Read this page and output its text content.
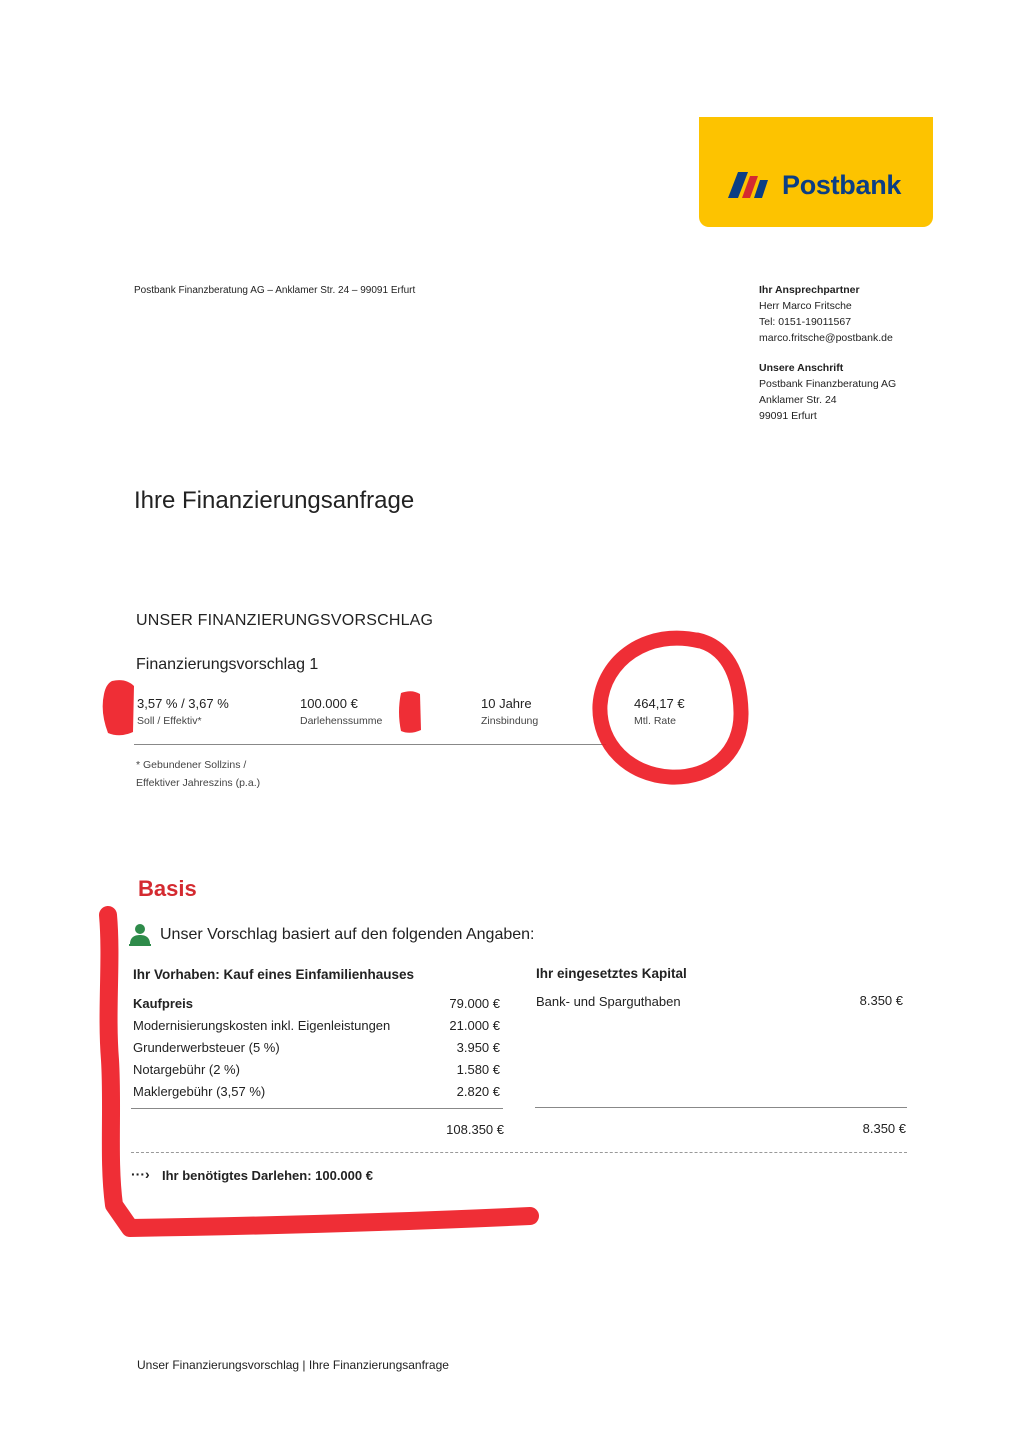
Postbank
Postbank Finanzberatung AG – Anklamer Str. 24 – 99091 Erfurt	Ihr Ansprechpartner
Herr Marco Fritsche
Tel: 0151-19011567
marco.fritsche@postbank.de
Unsere Anschrift
Postbank Finanzberatung AG
Anklamer Str. 24
99091 Erfurt
Ihre Finanzierungsanfrage
UNSER FINANZIERUNGSVORSCHLAG
Finanzierungsvorschlag 1
3,57 % / 3,67 %
Soll / Effektiv*
100.000 €
Darlehenssumme
10 Jahre
Zinsbindung
464,17 €
Mtl. Rate
* Gebundener Sollzins /
Effektiver Jahreszins (p.a.)
Basis
Unser Vorschlag basiert auf den folgenden Angaben:
Ihr Vorhaben: Kauf eines Einfamilienhauses
Kaufpreis	79.000 €
Modernisierungskosten inkl. Eigenleistungen	21.000 €
Grunderwerbsteuer (5 %)	3.950 €
Notargebühr (2 %)	1.580 €
Maklergebühr (3,57 %)	2.820 €
108.350 €
Ihr eingesetztes Kapital
Bank- und Sparguthaben	8.350 €
8.350 €
···› Ihr benötigtes Darlehen: 100.000 €
Unser Finanzierungsvorschlag | Ihre Finanzierungsanfrage
